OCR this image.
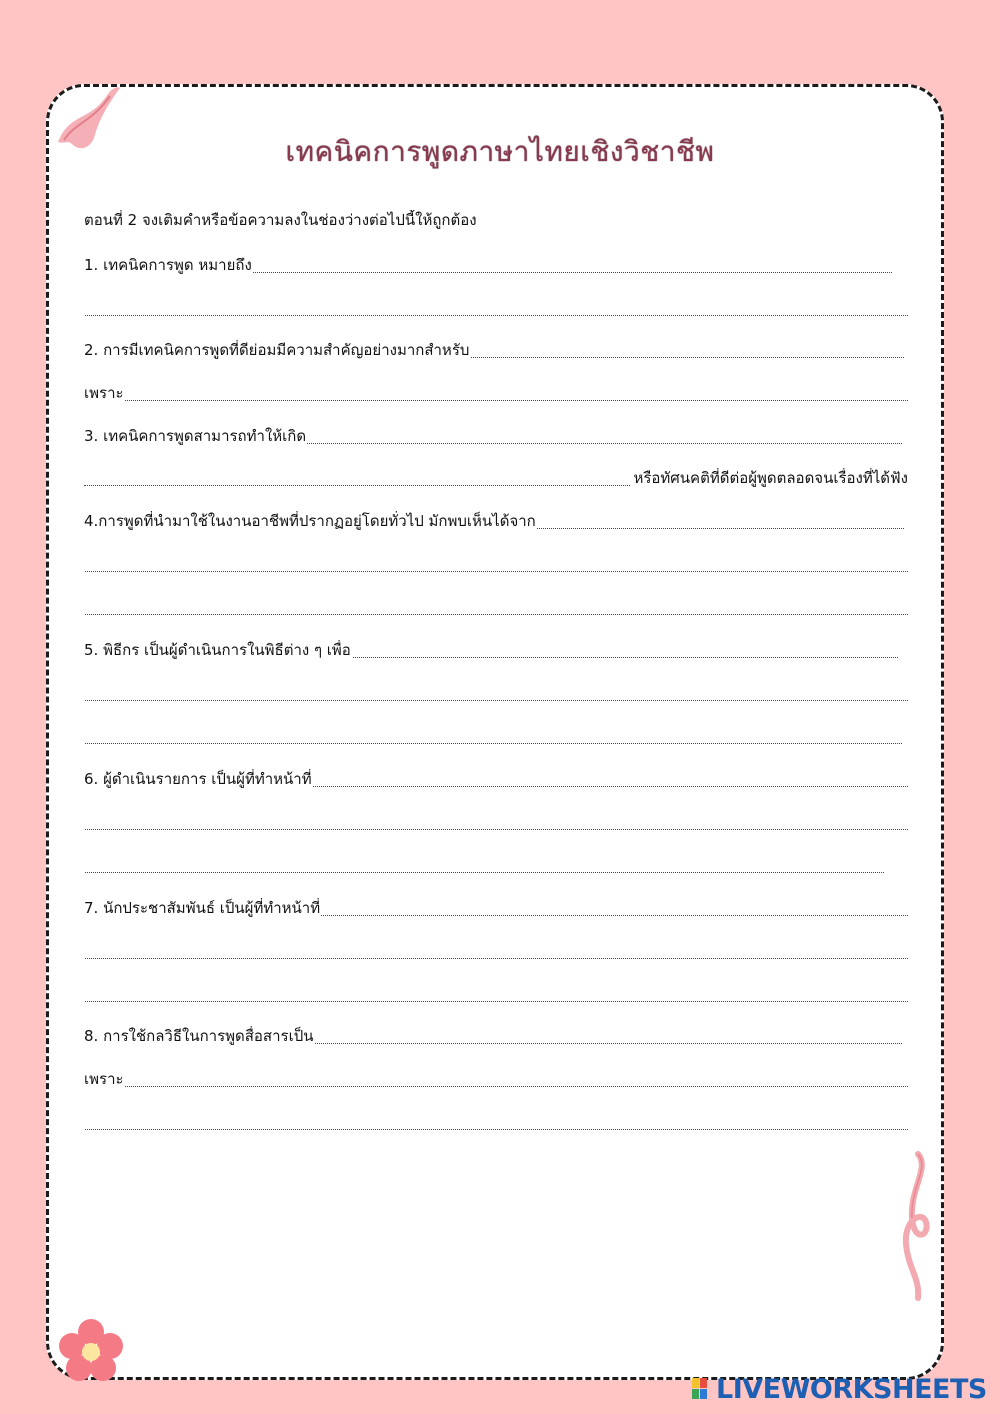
เทคนิคการพูดภาษาไทยเชิงวิชาชีพ
ตอนที่ 2 จงเติมคำหรือข้อความลงในช่องว่างต่อไปนี้ให้ถูกต้อง
1. เทคนิคการพูด หมายถึง
2. การมีเทคนิคการพูดที่ดีย่อมมีความสำคัญอย่างมากสำหรับ
เพราะ
3. เทคนิคการพูดสามารถทำให้เกิด
หรือทัศนคติที่ดีต่อผู้พูดตลอดจนเรื่องที่ได้ฟัง
4.การพูดที่นำมาใช้ในงานอาชีพที่ปรากฏอยู่โดยทั่วไป มักพบเห็นได้จาก
5. พิธีกร เป็นผู้ดำเนินการในพิธีต่าง ๆ เพื่อ
6. ผู้ดำเนินรายการ เป็นผู้ที่ทำหน้าที่
7. นักประชาสัมพันธ์ เป็นผู้ที่ทำหน้าที่
8. การใช้กลวิธีในการพูดสื่อสารเป็น
เพราะ
LIVEWORKSHEETS
